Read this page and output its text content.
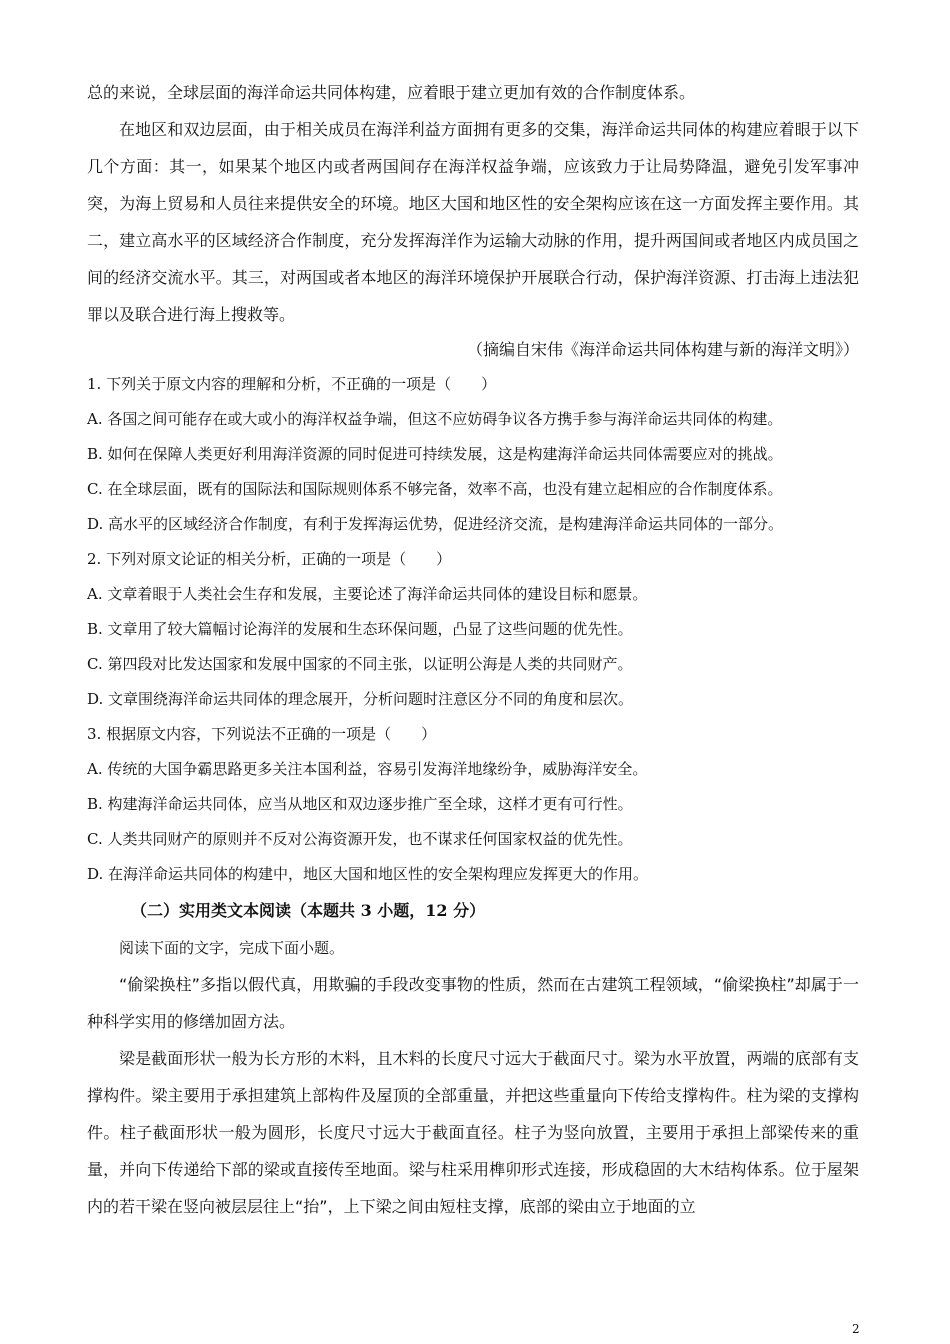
总的来说，全球层面的海洋命运共同体构建，应着眼于建立更加有效的合作制度体系。

在地区和双边层面，由于相关成员在海洋利益方面拥有更多的交集，海洋命运共同体的构建应着眼于以下几个方面：其一，如果某个地区内或者两国间存在海洋权益争端，应该致力于让局势降温，避免引发军事冲突，为海上贸易和人员往来提供安全的环境。地区大国和地区性的安全架构应该在这一方面发挥主要作用。其二，建立高水平的区域经济合作制度，充分发挥海洋作为运输大动脉的作用，提升两国间或者地区内成员国之间的经济交流水平。其三，对两国或者本地区的海洋环境保护开展联合行动，保护海洋资源、打击海上违法犯罪以及联合进行海上搜救等。

（摘编自宋伟《海洋命运共同体构建与新的海洋文明》）

1. 下列关于原文内容的理解和分析，不正确的一项是（　　）

A. 各国之间可能存在或大或小的海洋权益争端，但这不应妨碍争议各方携手参与海洋命运共同体的构建。

B. 如何在保障人类更好利用海洋资源的同时促进可持续发展，这是构建海洋命运共同体需要应对的挑战。

C. 在全球层面，既有的国际法和国际规则体系不够完备，效率不高，也没有建立起相应的合作制度体系。

D. 高水平的区域经济合作制度，有利于发挥海运优势，促进经济交流，是构建海洋命运共同体的一部分。

2. 下列对原文论证的相关分析，正确的一项是（　　）

A. 文章着眼于人类社会生存和发展，主要论述了海洋命运共同体的建设目标和愿景。

B. 文章用了较大篇幅讨论海洋的发展和生态环保问题，凸显了这些问题的优先性。

C. 第四段对比发达国家和发展中国家的不同主张，以证明公海是人类的共同财产。

D. 文章围绕海洋命运共同体的理念展开，分析问题时注意区分不同的角度和层次。

3. 根据原文内容，下列说法不正确的一项是（　　）

A. 传统的大国争霸思路更多关注本国利益，容易引发海洋地缘纷争，威胁海洋安全。

B. 构建海洋命运共同体，应当从地区和双边逐步推广至全球，这样才更有可行性。

C. 人类共同财产的原则并不反对公海资源开发，也不谋求任何国家权益的优先性。

D. 在海洋命运共同体的构建中，地区大国和地区性的安全架构理应发挥更大的作用。

（二）实用类文本阅读（本题共 3 小题，12 分）

阅读下面的文字，完成下面小题。

“偷梁换柱”多指以假代真，用欺骗的手段改变事物的性质，然而在古建筑工程领域，“偷梁换柱”却属于一种科学实用的修缮加固方法。

梁是截面形状一般为长方形的木料，且木料的长度尺寸远大于截面尺寸。梁为水平放置，两端的底部有支撑构件。梁主要用于承担建筑上部构件及屋顶的全部重量，并把这些重量向下传给支撑构件。柱为梁的支撑构件。柱子截面形状一般为圆形，长度尺寸远大于截面直径。柱子为竖向放置，主要用于承担上部梁传来的重量，并向下传递给下部的梁或直接传至地面。梁与柱采用榫卯形式连接，形成稳固的大木结构体系。位于屋架内的若干梁在竖向被层层往上“抬”，上下梁之间由短柱支撑，底部的梁由立于地面的立

2
